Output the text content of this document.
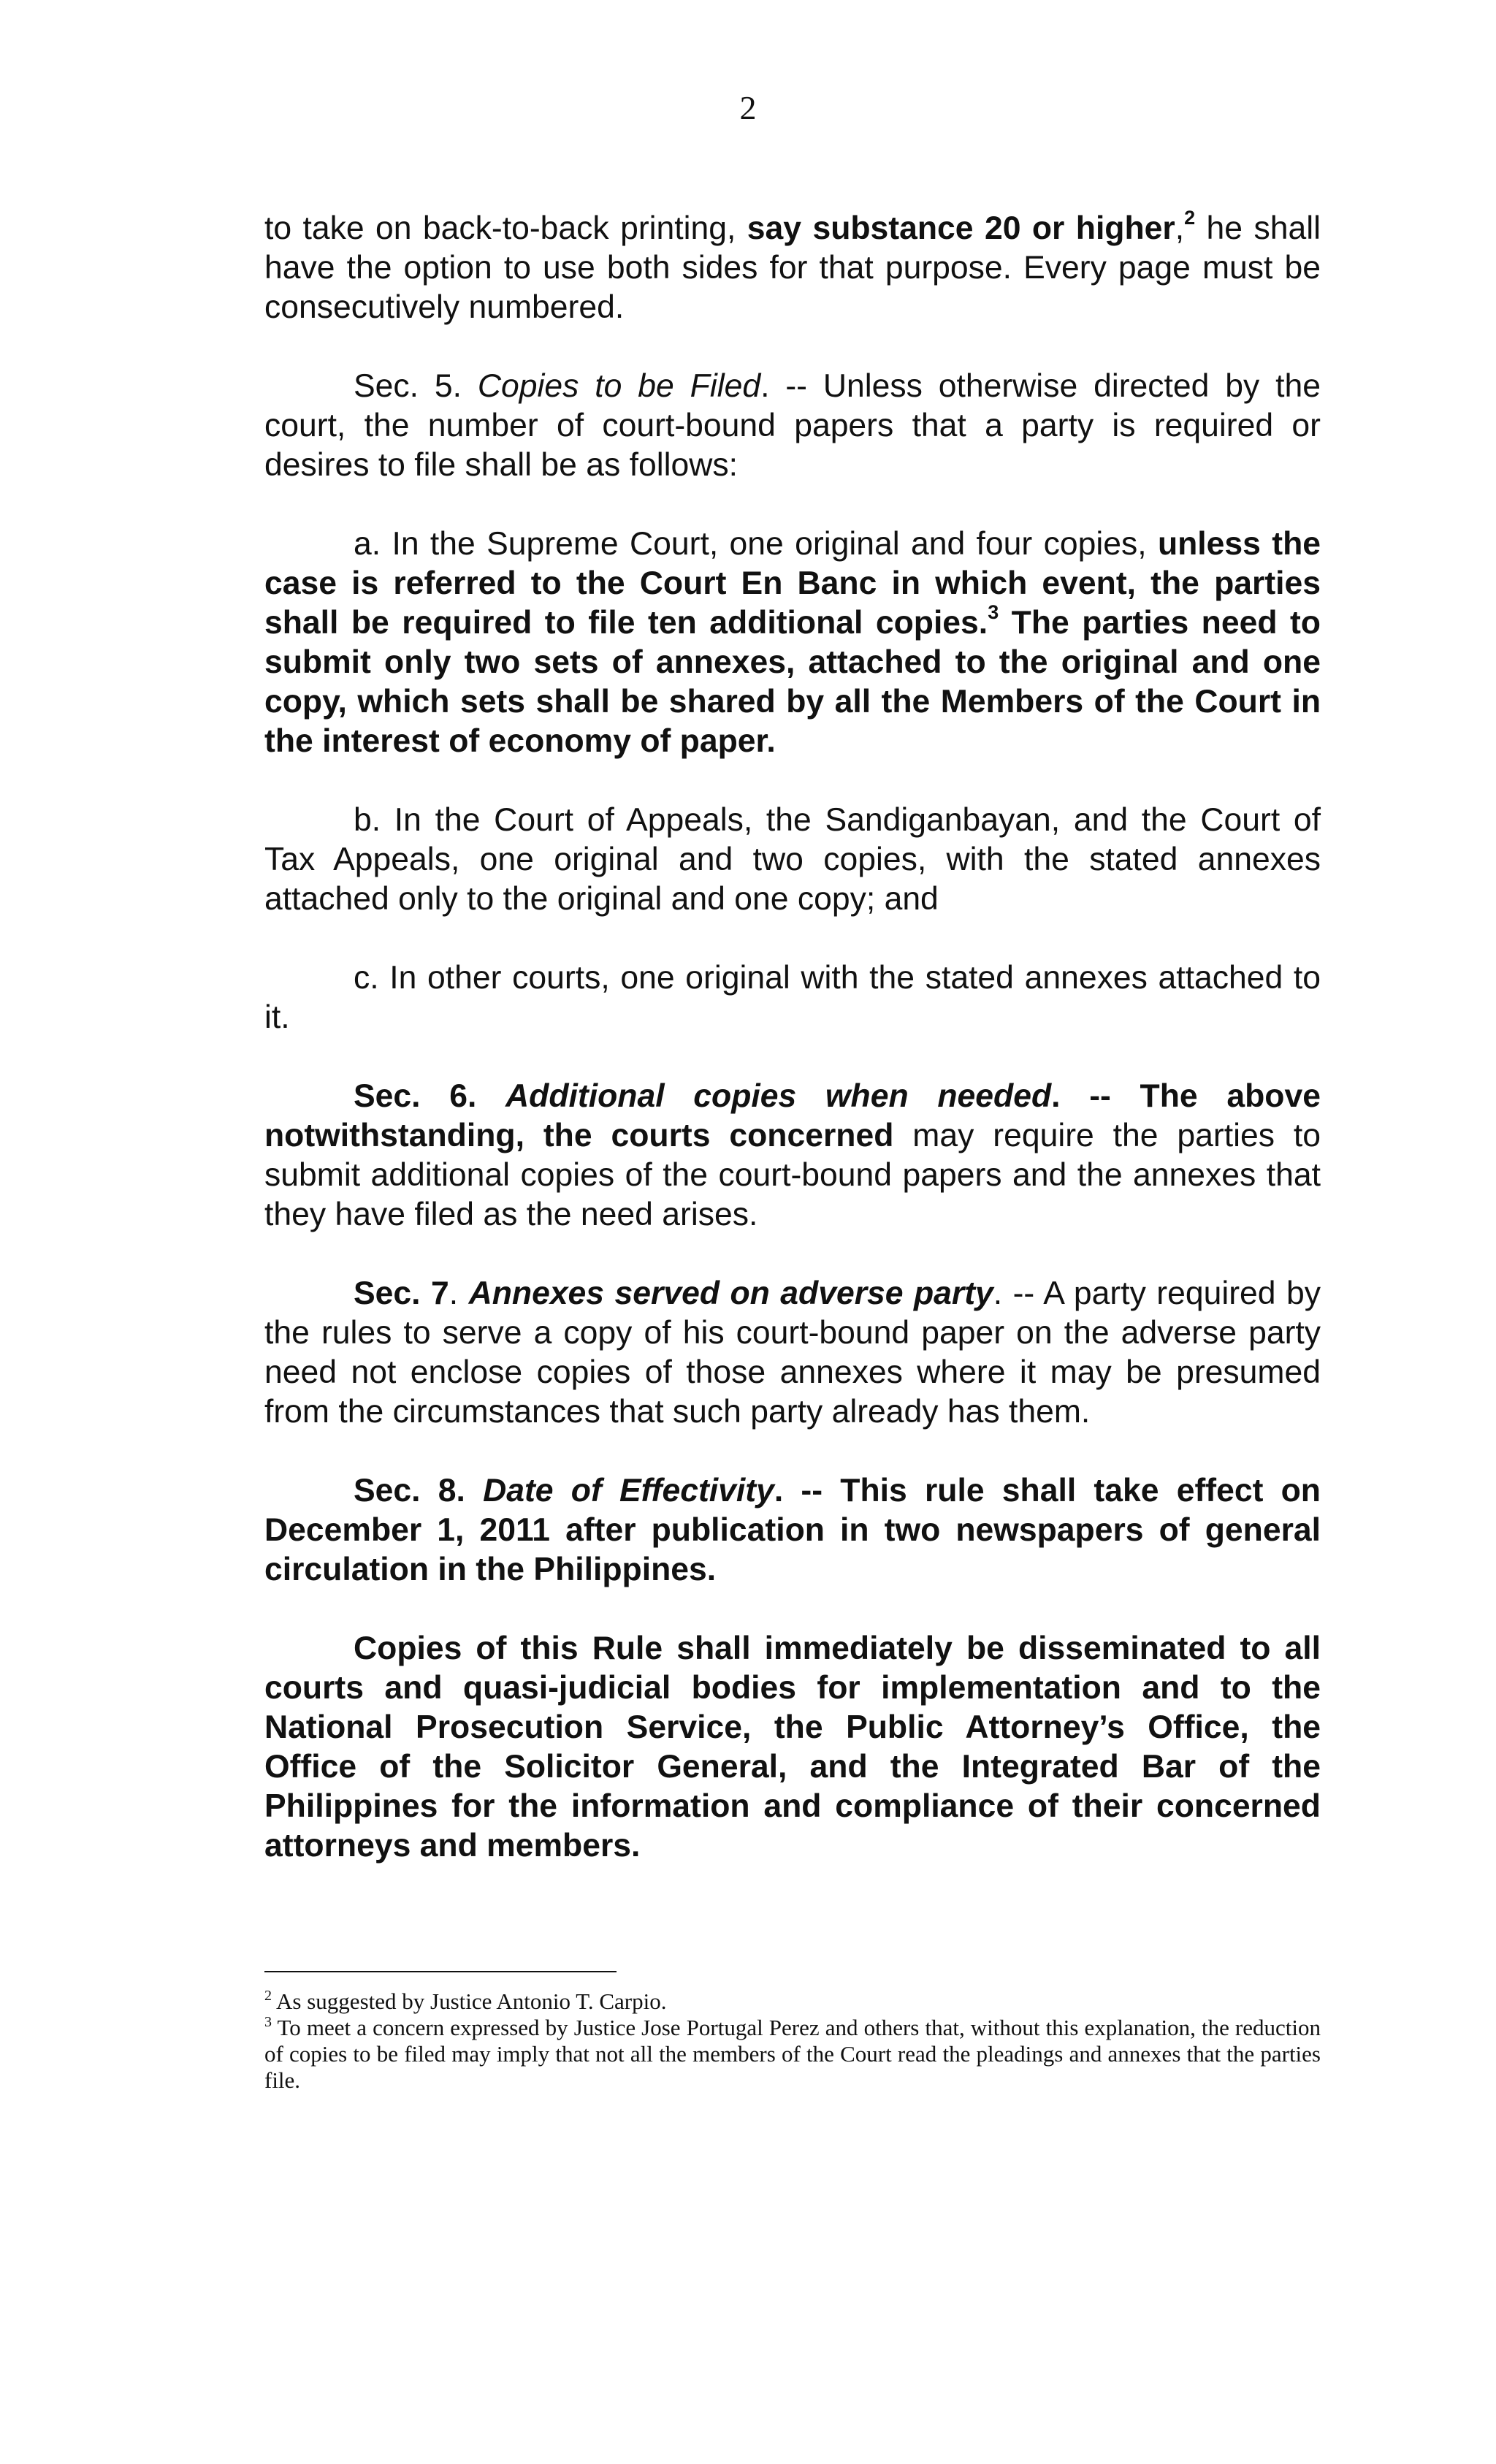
2

to take on back-to-back printing, say substance 20 or higher,$^2$ he shall have the option to use both sides for that purpose. Every page must be consecutively numbered.

Sec. 5. Copies to be Filed. -- Unless otherwise directed by the court, the number of court-bound papers that a party is required or desires to file shall be as follows:

a. In the Supreme Court, one original and four copies, unless the case is referred to the Court En Banc in which event, the parties shall be required to file ten additional copies.$^3$ The parties need to submit only two sets of annexes, attached to the original and one copy, which sets shall be shared by all the Members of the Court in the interest of economy of paper.

b. In the Court of Appeals, the Sandiganbayan, and the Court of Tax Appeals, one original and two copies, with the stated annexes attached only to the original and one copy; and

c. In other courts, one original with the stated annexes attached to it.

Sec. 6. Additional copies when needed. -- The above notwithstanding, the courts concerned may require the parties to submit additional copies of the court-bound papers and the annexes that they have filed as the need arises.

Sec. 7. Annexes served on adverse party. -- A party required by the rules to serve a copy of his court-bound paper on the adverse party need not enclose copies of those annexes where it may be presumed from the circumstances that such party already has them.

Sec. 8. Date of Effectivity. -- This rule shall take effect on December 1, 2011 after publication in two newspapers of general circulation in the Philippines.

Copies of this Rule shall immediately be disseminated to all courts and quasi-judicial bodies for implementation and to the National Prosecution Service, the Public Attorney’s Office, the Office of the Solicitor General, and the Integrated Bar of the Philippines for the information and compliance of their concerned attorneys and members.

$^2$ As suggested by Justice Antonio T. Carpio.

$^3$ To meet a concern expressed by Justice Jose Portugal Perez and others that, without this explanation, the reduction of copies to be filed may imply that not all the members of the Court read the pleadings and annexes that the parties file.
